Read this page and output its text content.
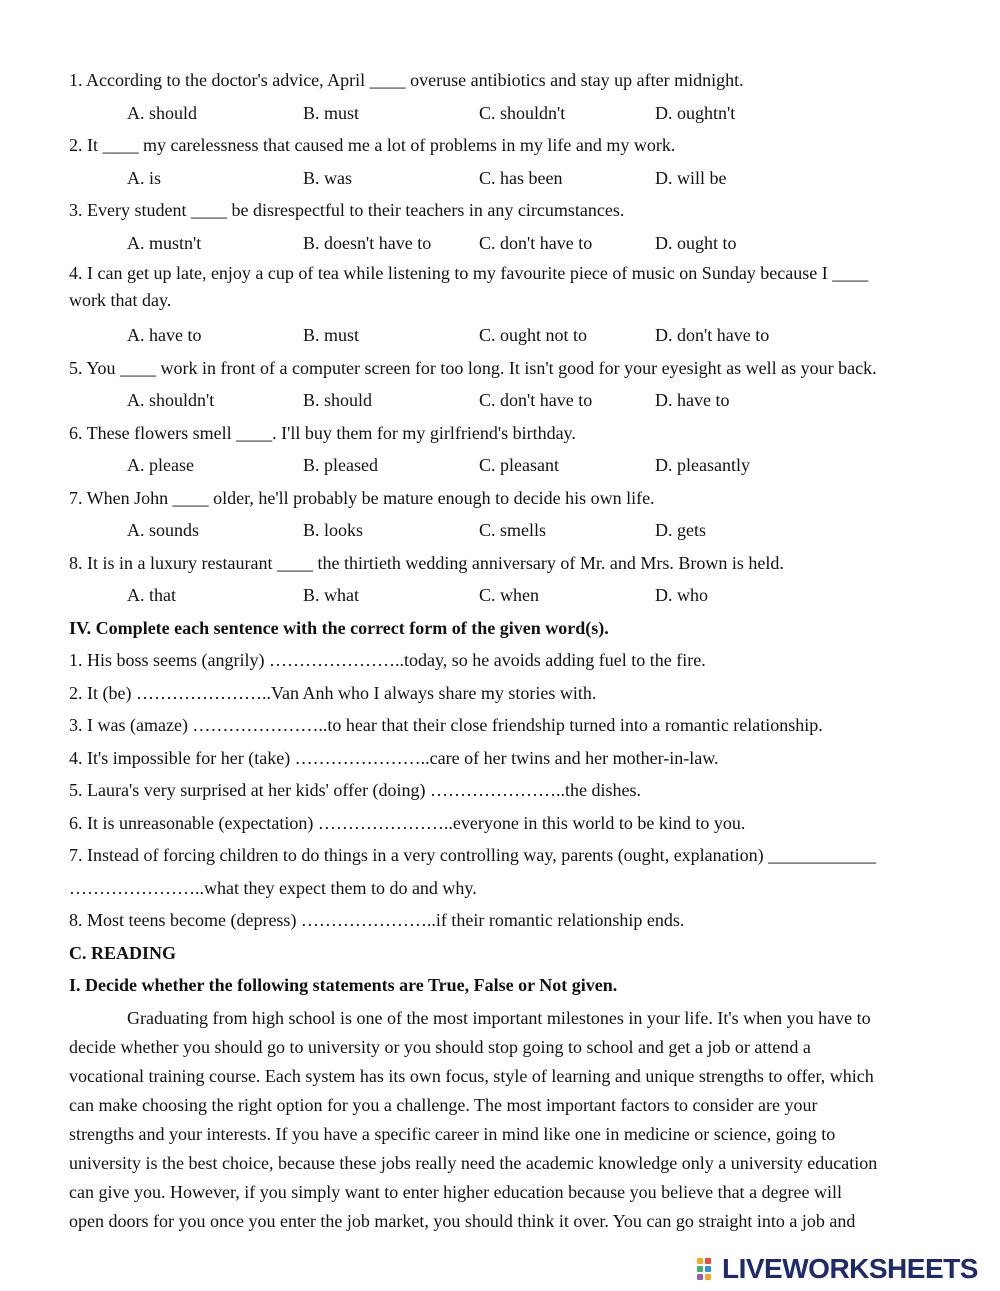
1. According to the doctor's advice, April ____ overuse antibiotics and stay up after midnight.
A. should	B. must	C. shouldn't	D. oughtn't
2. It ____ my carelessness that caused me a lot of problems in my life and my work.
A. is	B. was	C. has been	D. will be
3. Every student ____ be disrespectful to their teachers in any circumstances.
A. mustn't	B. doesn't have to	C. don't have to	D. ought to
4. I can get up late, enjoy a cup of tea while listening to my favourite piece of music on Sunday because I ____
work that day.
A. have to	B. must	C. ought not to	D. don't have to
5. You ____ work in front of a computer screen for too long. It isn't good for your eyesight as well as your back.
A. shouldn't	B. should	C. don't have to	D. have to
6. These flowers smell ____. I'll buy them for my girlfriend's birthday.
A. please	B. pleased	C. pleasant	D. pleasantly
7. When John ____ older, he'll probably be mature enough to decide his own life.
A. sounds	B. looks	C. smells	D. gets
8. It is in a luxury restaurant ____ the thirtieth wedding anniversary of Mr. and Mrs. Brown is held.
A. that	B. what	C. when	D. who
IV. Complete each sentence with the correct form of the given word(s).
1. His boss seems (angrily) …………………..today, so he avoids adding fuel to the fire.
2. It (be) …………………..Van Anh who I always share my stories with.
3. I was (amaze) …………………..to hear that their close friendship turned into a romantic relationship.
4. It's impossible for her (take) …………………..care of her twins and her mother-in-law.
5. Laura's very surprised at her kids' offer (doing) …………………..the dishes.
6. It is unreasonable (expectation) …………………..everyone in this world to be kind to you.
7. Instead of forcing children to do things in a very controlling way, parents (ought, explanation) ____________
…………………..what they expect them to do and why.
8. Most teens become (depress) …………………..if their romantic relationship ends.
C. READING
I. Decide whether the following statements are True, False or Not given.
Graduating from high school is one of the most important milestones in your life. It's when you have to
decide whether you should go to university or you should stop going to school and get a job or attend a
vocational training course. Each system has its own focus, style of learning and unique strengths to offer, which
can make choosing the right option for you a challenge. The most important factors to consider are your
strengths and your interests. If you have a specific career in mind like one in medicine or science, going to
university is the best choice, because these jobs really need the academic knowledge only a university education
can give you. However, if you simply want to enter higher education because you believe that a degree will
open doors for you once you enter the job market, you should think it over. You can go straight into a job and
LIVEWORKSHEETS
